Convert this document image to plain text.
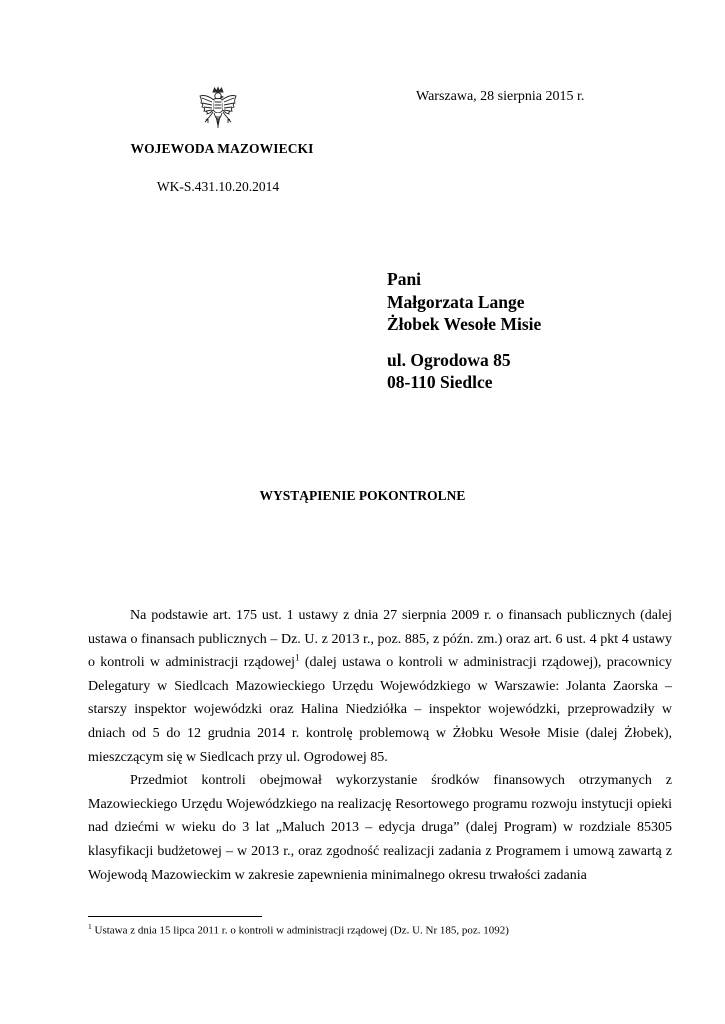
WOJEWODA MAZOWIECKI
WK-S.431.10.20.2014
Warszawa, 28 sierpnia 2015 r.
Pani
Małgorzata Lange
Żłobek Wesołe Misie
ul. Ogrodowa 85
08-110 Siedlce
WYSTĄPIENIE POKONTROLNE

Na podstawie art. 175 ust. 1 ustawy z dnia 27 sierpnia 2009 r. o finansach publicznych (dalej ustawa o finansach publicznych – Dz. U. z 2013 r., poz. 885, z późn. zm.) oraz art. 6 ust. 4 pkt 4 ustawy o kontroli w administracji rządowej$^1$ (dalej ustawa o kontroli w administracji rządowej), pracownicy Delegatury w Siedlcach Mazowieckiego Urzędu Wojewódzkiego w Warszawie: Jolanta Zaorska – starszy inspektor wojewódzki oraz Halina Niedziółka – inspektor wojewódzki, przeprowadziły w dniach od 5 do 12 grudnia 2014 r. kontrolę problemową w Żłobku Wesołe Misie (dalej Żłobek), mieszczącym się w Siedlcach przy ul. Ogrodowej 85.

Przedmiot kontroli obejmował wykorzystanie środków finansowych otrzymanych z Mazowieckiego Urzędu Wojewódzkiego na realizację Resortowego programu rozwoju instytucji opieki nad dziećmi w wieku do 3 lat „Maluch 2013 – edycja druga” (dalej Program) w rozdziale 85305 klasyfikacji budżetowej – w 2013 r., oraz zgodność realizacji zadania z Programem i umową zawartą z Wojewodą Mazowieckim w zakresie zapewnienia minimalnego okresu trwałości zadania

$^1$ Ustawa z dnia 15 lipca 2011 r. o kontroli w administracji rządowej (Dz. U. Nr 185, poz. 1092)
